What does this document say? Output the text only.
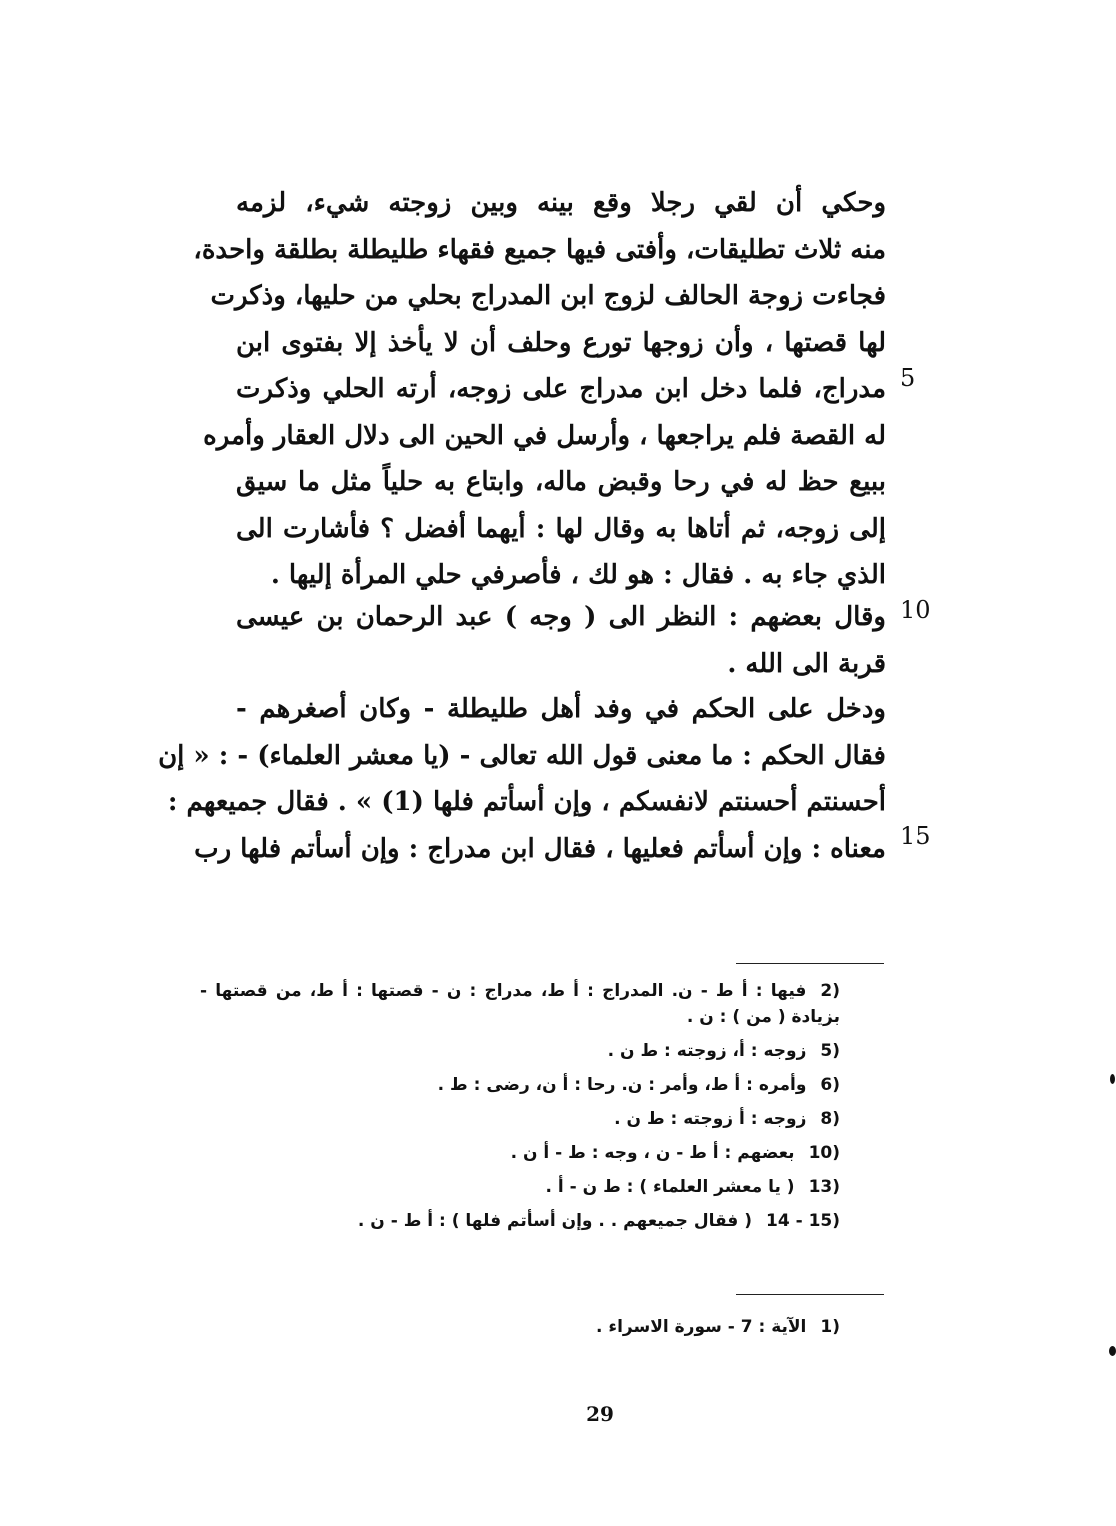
وحكي أن لقي رجلا وقع بينه وبين زوجته شيء، لزمه
منه ثلاث تطليقات، وأفتى فيها جميع فقهاء طليطلة بطلقة واحدة،
فجاءت زوجة الحالف لزوج ابن المدراج بحلي من حليها، وذكرت
لها قصتها ، وأن زوجها تورع وحلف أن لا يأخذ إلا بفتوى ابن
مدراج، فلما دخل ابن مدراج على زوجه، أرته الحلي وذكرت
له القصة فلم يراجعها ، وأرسل في الحين الى دلال العقار وأمره
ببيع حظ له في رحا وقبض ماله، وابتاع به حلياً مثل ما سيق
إلى زوجه، ثم أتاها به وقال لها : أيهما أفضل ؟ فأشارت الى
الذي جاء به . فقال : هو لك ، فأصرفي حلي المرأة إليها .
وقال بعضهم : النظر الى ( وجه ) عبد الرحمان بن عيسى
قربة الى الله .
ودخل على الحكم في وفد أهل طليطلة - وكان أصغرهم -
فقال الحكم : ما معنى قول الله تعالى - (يا معشر العلماء) - : « إن
أحسنتم أحسنتم لانفسكم ، وإن أسأتم فلها (1) » . فقال جميعهم :
معناه : وإن أسأتم فعليها ، فقال ابن مدراج : وإن أسأتم فلها رب
5
10
15

2)فيها : أ ط - ن. المدراج : أ ط، مدراج : ن - قصتها : أ ط، من قصتها - بزيادة ( من ) : ن .

5)زوجه : أ، زوجته : ط ن .

6)وأمره : أ ط، وأمر : ن. رحا : أ ن، رضى : ط .

8)زوجه : أ زوجته : ط ن .

10)بعضهم : أ ط - ن ، وجه : ط - أ ن .

13)( يا معشر العلماء ) : ط ن - أ .

14 - 15)( فقال جميعهم . . وإن أسأتم فلها ) : أ ط - ن .

1)الآية : 7 - سورة الاسراء .

29
